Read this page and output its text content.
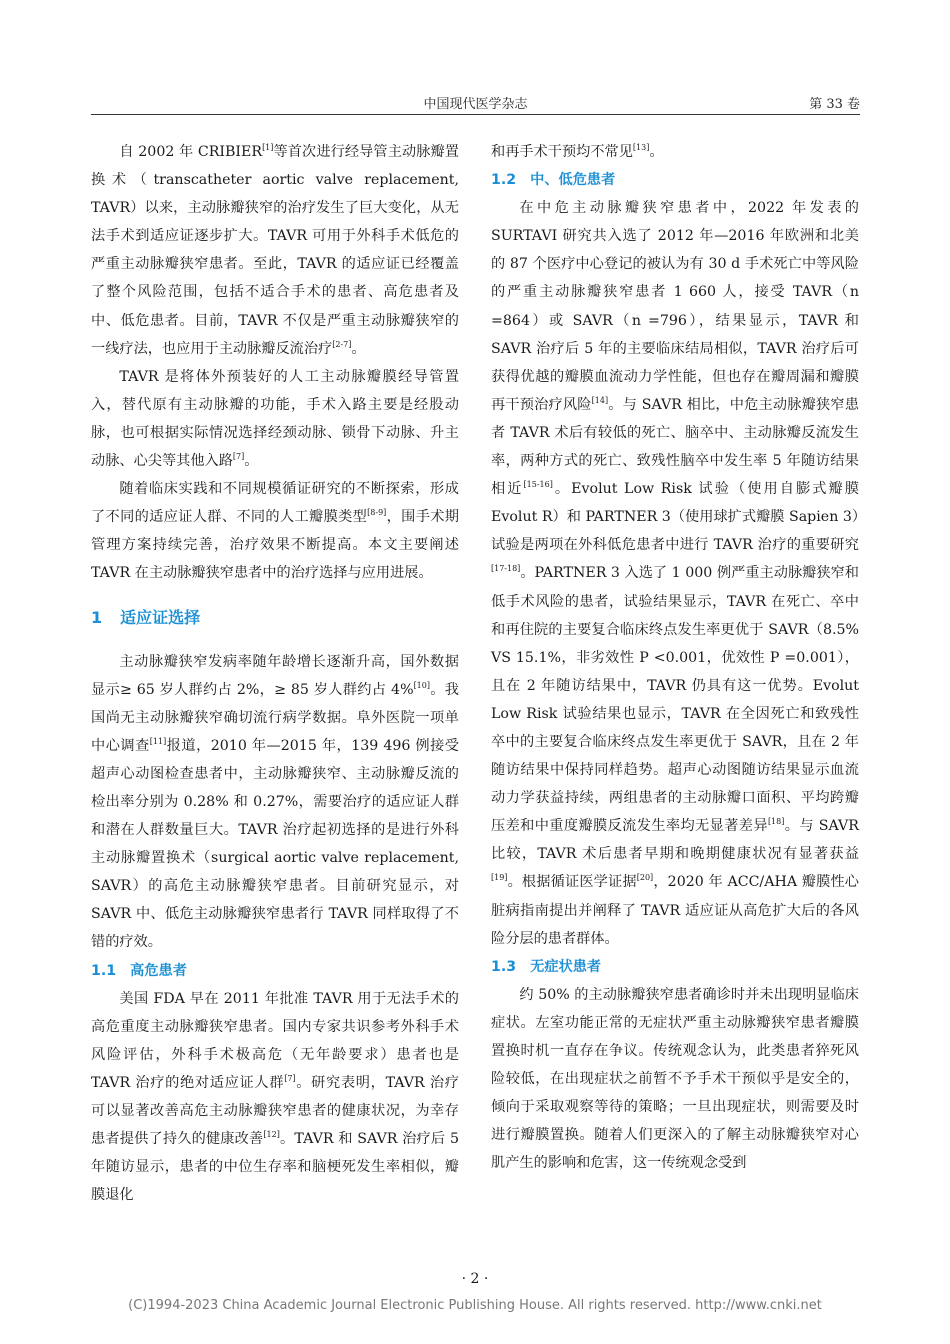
中国现代医学杂志	第 33 卷

自 2002 年 CRIBIER[1]等首次进行经导管主动脉瓣置换术（transcatheter aortic valve replacement, TAVR）以来，主动脉瓣狭窄的治疗发生了巨大变化，从无法手术到适应证逐步扩大。TAVR 可用于外科手术低危的严重主动脉瓣狭窄患者。至此，TAVR 的适应证已经覆盖了整个风险范围，包括不适合手术的患者、高危患者及中、低危患者。目前，TAVR 不仅是严重主动脉瓣狭窄的一线疗法，也应用于主动脉瓣反流治疗[2-7]。

TAVR 是将体外预装好的人工主动脉瓣膜经导管置入，替代原有主动脉瓣的功能，手术入路主要是经股动脉，也可根据实际情况选择经颈动脉、锁骨下动脉、升主动脉、心尖等其他入路[7]。

随着临床实践和不同规模循证研究的不断探索，形成了不同的适应证人群、不同的人工瓣膜类型[8-9]，围手术期管理方案持续完善，治疗效果不断提高。本文主要阐述 TAVR 在主动脉瓣狭窄患者中的治疗选择与应用进展。

1 适应证选择

主动脉瓣狭窄发病率随年龄增长逐渐升高，国外数据显示≥ 65 岁人群约占 2%，≥ 85 岁人群约占 4%[10]。我国尚无主动脉瓣狭窄确切流行病学数据。阜外医院一项单中心调查[11]报道，2010 年—2015 年，139 496 例接受超声心动图检查患者中，主动脉瓣狭窄、主动脉瓣反流的检出率分别为 0.28% 和 0.27%，需要治疗的适应证人群和潜在人群数量巨大。TAVR 治疗起初选择的是进行外科主动脉瓣置换术（surgical aortic valve replacement, SAVR）的高危主动脉瓣狭窄患者。目前研究显示，对 SAVR 中、低危主动脉瓣狭窄患者行 TAVR 同样取得了不错的疗效。

1.1 高危患者

美国 FDA 早在 2011 年批准 TAVR 用于无法手术的高危重度主动脉瓣狭窄患者。国内专家共识参考外科手术风险评估，外科手术极高危（无年龄要求）患者也是 TAVR 治疗的绝对适应证人群[7]。研究表明，TAVR 治疗可以显著改善高危主动脉瓣狭窄患者的健康状况，为幸存患者提供了持久的健康改善[12]。TAVR 和 SAVR 治疗后 5 年随访显示，患者的中位生存率和脑梗死发生率相似，瓣膜退化

和再手术干预均不常见[13]。

1.2 中、低危患者

在中危主动脉瓣狭窄患者中，2022 年发表的 SURTAVI 研究共入选了 2012 年—2016 年欧洲和北美的 87 个医疗中心登记的被认为有 30 d 手术死亡中等风险的严重主动脉瓣狭窄患者 1 660 人，接受 TAVR（n =864）或 SAVR（n =796），结果显示，TAVR 和 SAVR 治疗后 5 年的主要临床结局相似，TAVR 治疗后可获得优越的瓣膜血流动力学性能，但也存在瓣周漏和瓣膜再干预治疗风险[14]。与 SAVR 相比，中危主动脉瓣狭窄患者 TAVR 术后有较低的死亡、脑卒中、主动脉瓣反流发生率，两种方式的死亡、致残性脑卒中发生率 5 年随访结果相近[15-16]。Evolut Low Risk 试验（使用自膨式瓣膜 Evolut R）和 PARTNER 3（使用球扩式瓣膜 Sapien 3）试验是两项在外科低危患者中进行 TAVR 治疗的重要研究[17-18]。PARTNER 3 入选了 1 000 例严重主动脉瓣狭窄和低手术风险的患者，试验结果显示，TAVR 在死亡、卒中和再住院的主要复合临床终点发生率更优于 SAVR（8.5% VS 15.1%，非劣效性 P <0.001，优效性 P =0.001），且在 2 年随访结果中，TAVR 仍具有这一优势。Evolut Low Risk 试验结果也显示，TAVR 在全因死亡和致残性卒中的主要复合临床终点发生率更优于 SAVR，且在 2 年随访结果中保持同样趋势。超声心动图随访结果显示血流动力学获益持续，两组患者的主动脉瓣口面积、平均跨瓣压差和中重度瓣膜反流发生率均无显著差异[18]。与 SAVR 比较，TAVR 术后患者早期和晚期健康状况有显著获益[19]。根据循证医学证据[20]，2020 年 ACC/AHA 瓣膜性心脏病指南提出并阐释了 TAVR 适应证从高危扩大后的各风险分层的患者群体。

1.3 无症状患者

约 50% 的主动脉瓣狭窄患者确诊时并未出现明显临床症状。左室功能正常的无症状严重主动脉瓣狭窄患者瓣膜置换时机一直存在争议。传统观念认为，此类患者猝死风险较低，在出现症状之前暂不予手术干预似乎是安全的，倾向于采取观察等待的策略；一旦出现症状，则需要及时进行瓣膜置换。随着人们更深入的了解主动脉瓣狭窄对心肌产生的影响和危害，这一传统观念受到

· 2 ·
(C)1994-2023 China Academic Journal Electronic Publishing House. All rights reserved. http://www.cnki.net
